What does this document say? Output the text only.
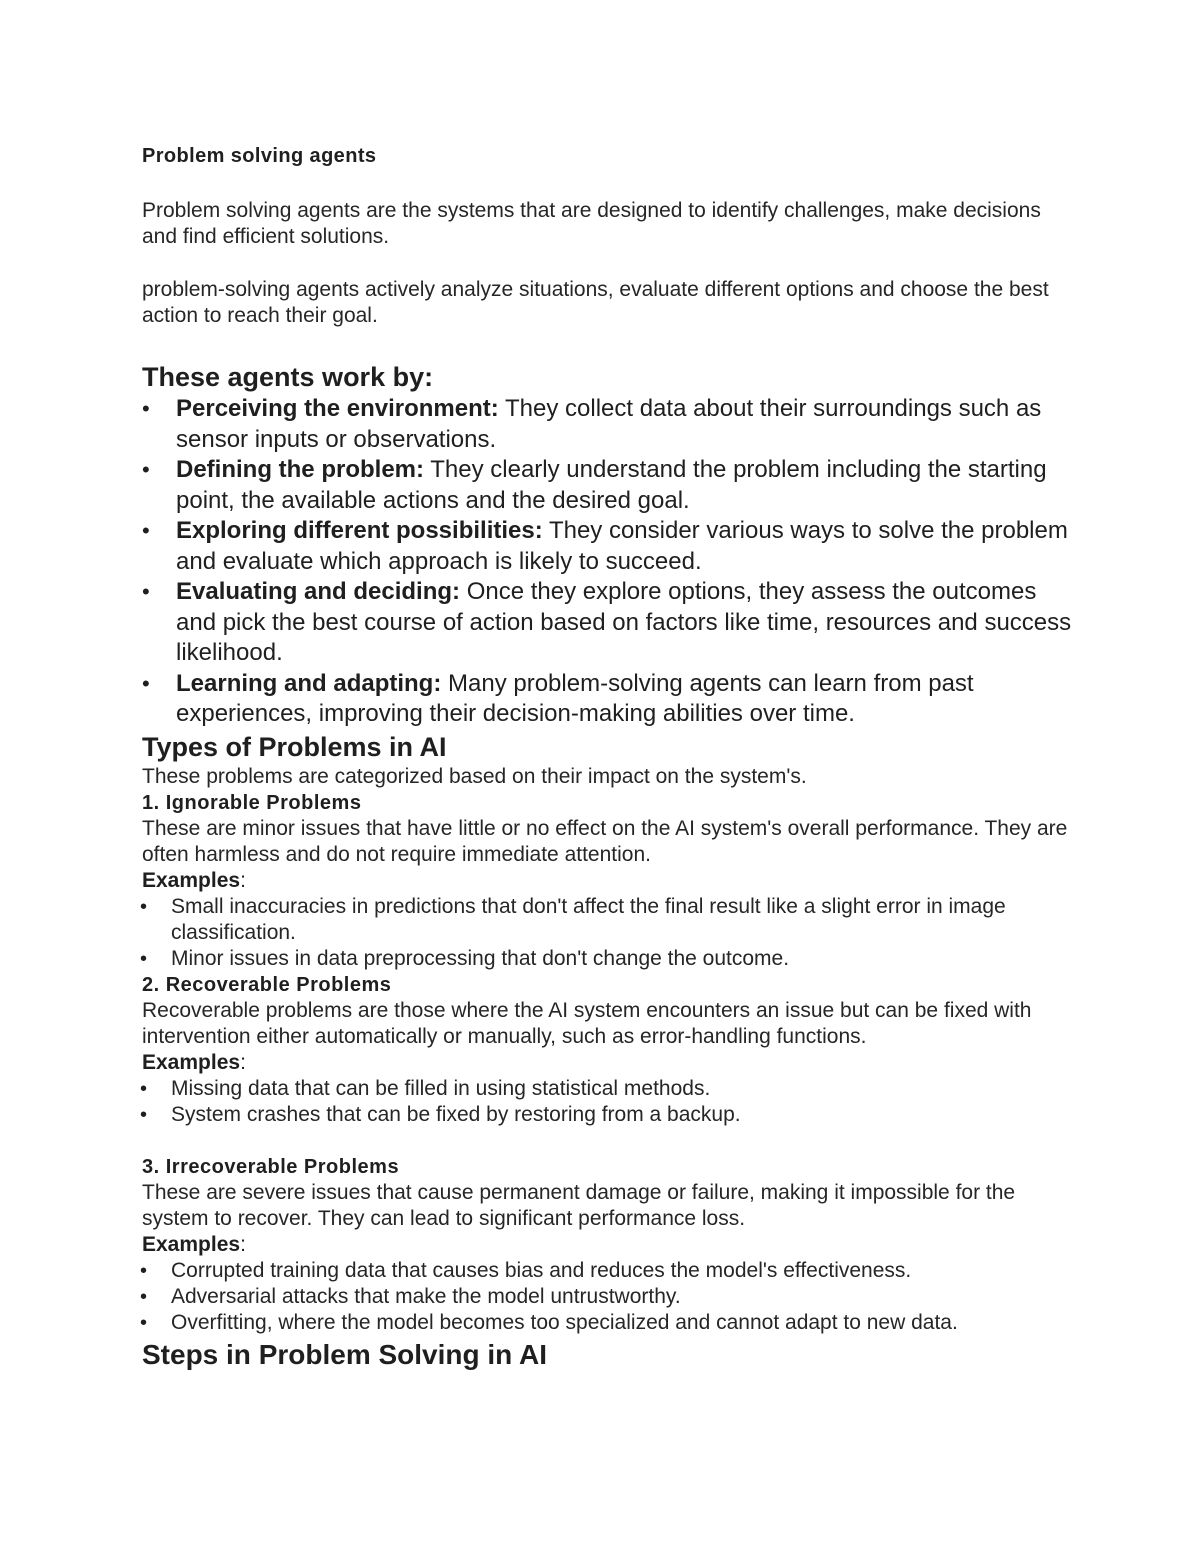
Problem solving agents

Problem solving agents are the systems that are designed to identify challenges, make decisions and find efficient solutions.

problem-solving agents actively analyze situations, evaluate different options and choose the best action to reach their goal.

These agents work by:
• Perceiving the environment: They collect data about their surroundings such as sensor inputs or observations.
• Defining the problem: They clearly understand the problem including the starting point, the available actions and the desired goal.
• Exploring different possibilities: They consider various ways to solve the problem and evaluate which approach is likely to succeed.
• Evaluating and deciding: Once they explore options, they assess the outcomes and pick the best course of action based on factors like time, resources and success likelihood.
• Learning and adapting: Many problem-solving agents can learn from past experiences, improving their decision-making abilities over time.
Types of Problems in AI

These problems are categorized based on their impact on the system's.

1. Ignorable Problems

These are minor issues that have little or no effect on the AI system's overall performance. They are often harmless and do not require immediate attention.

Examples:

• Small inaccuracies in predictions that don't affect the final result like a slight error in image classification.
• Minor issues in data preprocessing that don't change the outcome.
2. Recoverable Problems

Recoverable problems are those where the AI system encounters an issue but can be fixed with intervention either automatically or manually, such as error-handling functions.

Examples:

• Missing data that can be filled in using statistical methods.
• System crashes that can be fixed by restoring from a backup.
3. Irrecoverable Problems

These are severe issues that cause permanent damage or failure, making it impossible for the system to recover. They can lead to significant performance loss.

Examples:

• Corrupted training data that causes bias and reduces the model's effectiveness.
• Adversarial attacks that make the model untrustworthy.
• Overfitting, where the model becomes too specialized and cannot adapt to new data.
Steps in Problem Solving in AI
